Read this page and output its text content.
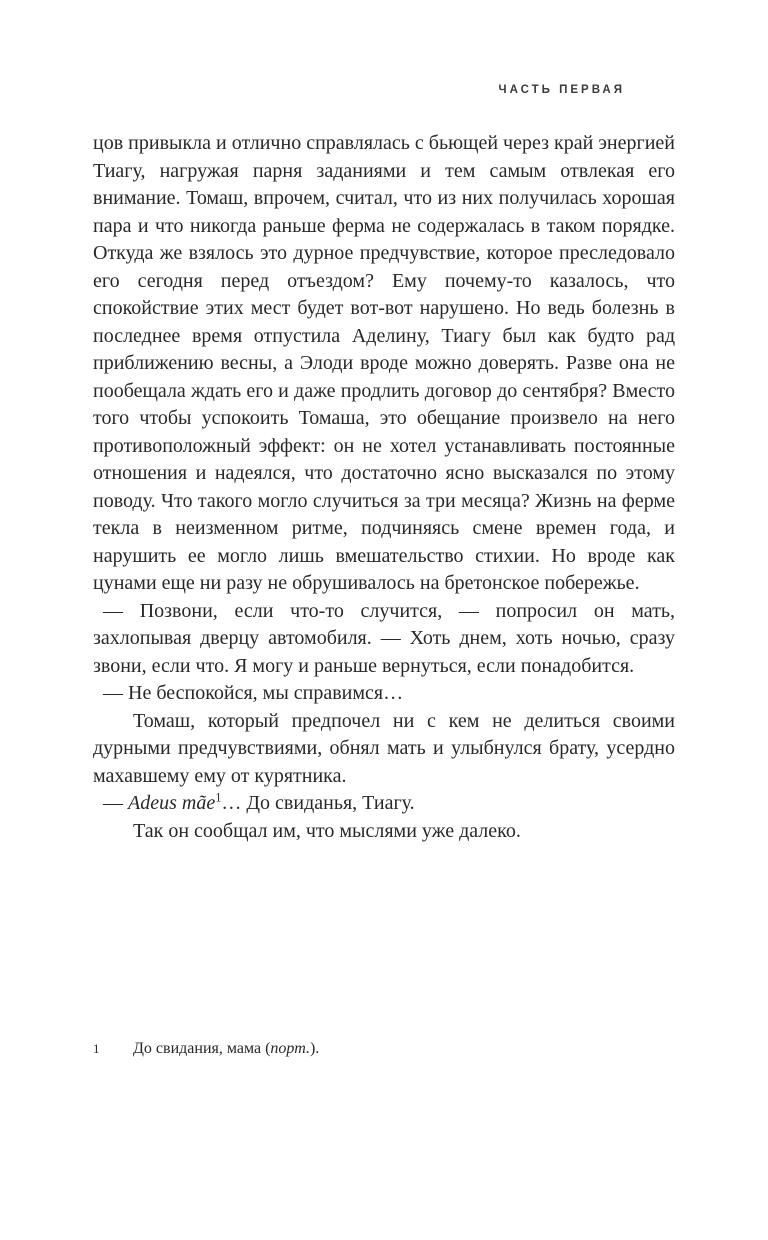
ЧАСТЬ ПЕРВАЯ

цов привыкла и отлично справлялась с бьющей через край энергией Тиагу, нагружая парня заданиями и тем самым отвлекая его внимание. Томаш, впрочем, считал, что из них получилась хорошая пара и что никогда раньше ферма не содержалась в таком порядке. Откуда же взялось это дурное предчувствие, которое преследовало его сегодня перед отъездом? Ему почему-то казалось, что спокойствие этих мест будет вот-вот нарушено. Но ведь болезнь в последнее время отпустила Аделину, Тиагу был как будто рад приближению весны, а Элоди вроде можно доверять. Разве она не пообещала ждать его и даже продлить договор до сентября? Вместо того чтобы успокоить Томаша, это обещание произвело на него противоположный эффект: он не хотел устанавливать постоянные отношения и надеялся, что достаточно ясно высказался по этому поводу. Что такого могло случиться за три месяца? Жизнь на ферме текла в неизменном ритме, подчиняясь смене времен года, и нарушить ее могло лишь вмешательство стихии. Но вроде как цунами еще ни разу не обрушивалось на бретонское побережье.

— Позвони, если что-то случится, — попросил он мать, захлопывая дверцу автомобиля. — Хоть днем, хоть ночью, сразу звони, если что. Я могу и раньше вернуться, если понадобится.

— Не беспокойся, мы справимся…

Томаш, который предпочел ни с кем не делиться своими дурными предчувствиями, обнял мать и улыбнулся брату, усердно махавшему ему от курятника.

— Adeus mãe$^1$… До свиданья, Тиагу.

Так он сообщал им, что мыслями уже далеко.

1 До свидания, мама (порт.).
